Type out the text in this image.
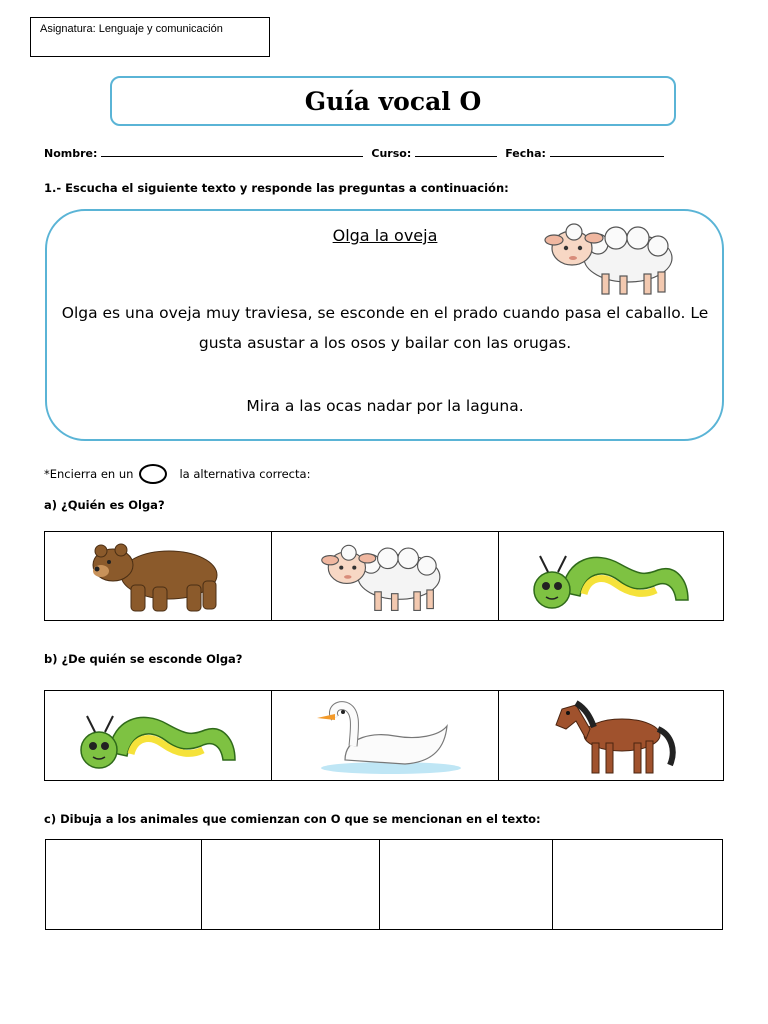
Asignatura: Lenguaje y comunicación
Guía vocal O
Nombre:	Curso:	Fecha:
1.- Escucha el siguiente texto y responde las preguntas a continuación:
Olga la oveja
Olga es una oveja muy traviesa, se esconde en el prado cuando pasa el caballo. Le gusta asustar a los osos y bailar con las orugas.
Mira a las ocas nadar por la laguna.
*Encierra en un	la alternativa correcta:
a) ¿Quién es Olga?

b) ¿De quién se esconde Olga?

c) Dibuja a los animales que comienzan con O que se mencionan en el texto:
